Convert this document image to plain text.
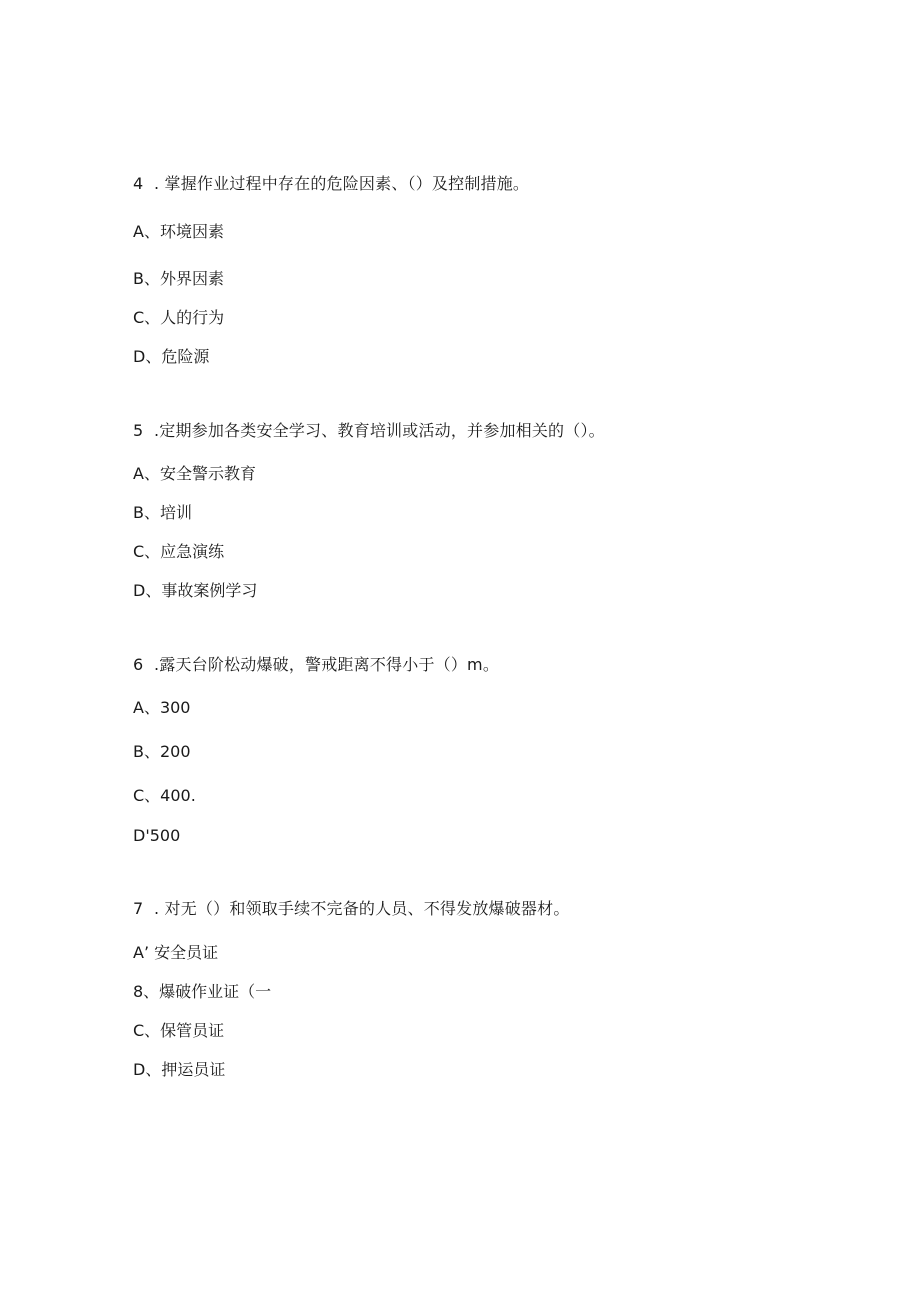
4  . 掌握作业过程中存在的危险因素、（）及控制措施。
A、环境因素
B、外界因素
C、人的行为
D、危险源
5  .定期参加各类安全学习、教育培训或活动，并参加相关的（）。
A、安全警示教育
B、培训
C、应急演练
D、事故案例学习
6  .露天台阶松动爆破，警戒距离不得小于（）m。
A、300
B、200
C、400.
D'500
7  . 对无（）和领取手续不完备的人员、不得发放爆破器材。
A’ 安全员证
8、爆破作业证（一
C、保管员证
D、押运员证
